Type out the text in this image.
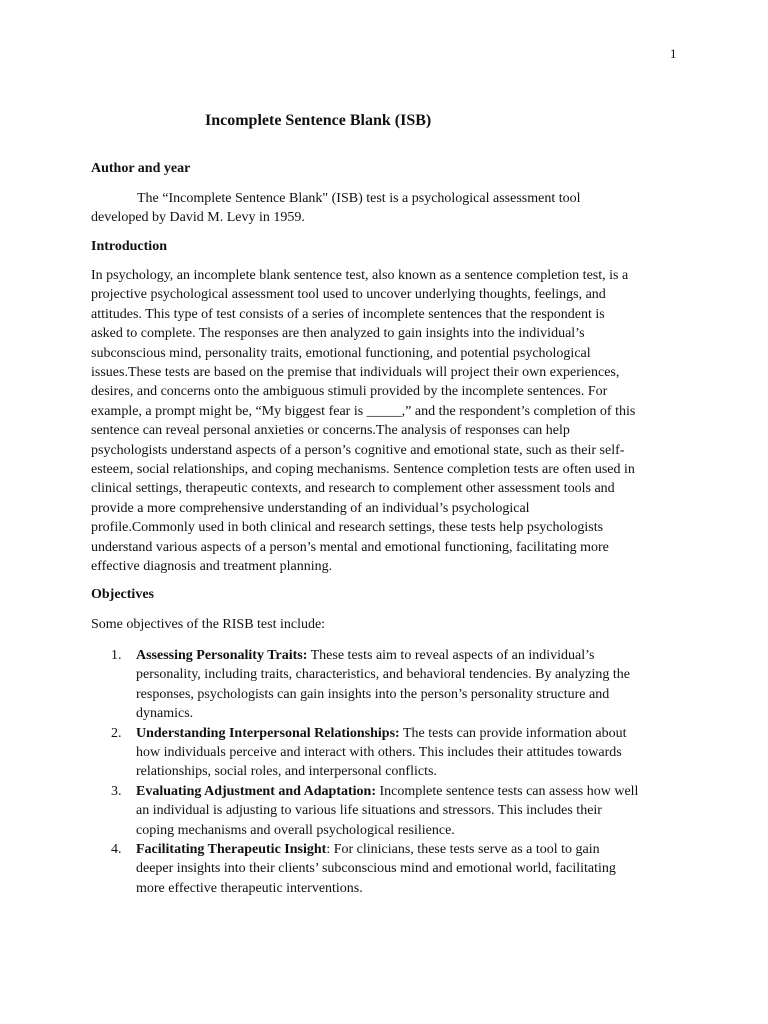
1
Incomplete Sentence Blank (ISB)
Author and year
The “Incomplete Sentence Blank" (ISB) test is a psychological assessment tool
developed by David M. Levy in 1959.
Introduction
In psychology, an incomplete blank sentence test, also known as a sentence completion test, is a
projective psychological assessment tool used to uncover underlying thoughts, feelings, and
attitudes. This type of test consists of a series of incomplete sentences that the respondent is
asked to complete. The responses are then analyzed to gain insights into the individual’s
subconscious mind, personality traits, emotional functioning, and potential psychological
issues.These tests are based on the premise that individuals will project their own experiences,
desires, and concerns onto the ambiguous stimuli provided by the incomplete sentences. For
example, a prompt might be, “My biggest fear is _____,” and the respondent’s completion of this
sentence can reveal personal anxieties or concerns.The analysis of responses can help
psychologists understand aspects of a person’s cognitive and emotional state, such as their self-
esteem, social relationships, and coping mechanisms. Sentence completion tests are often used in
clinical settings, therapeutic contexts, and research to complement other assessment tools and
provide a more comprehensive understanding of an individual’s psychological
profile.Commonly used in both clinical and research settings, these tests help psychologists
understand various aspects of a person’s mental and emotional functioning, facilitating more
effective diagnosis and treatment planning.
Objectives
Some objectives of the RISB test include:
1. Assessing Personality Traits: These tests aim to reveal aspects of an individual’s
personality, including traits, characteristics, and behavioral tendencies. By analyzing the
responses, psychologists can gain insights into the person’s personality structure and
dynamics.
2. Understanding Interpersonal Relationships: The tests can provide information about
how individuals perceive and interact with others. This includes their attitudes towards
relationships, social roles, and interpersonal conflicts.
3. Evaluating Adjustment and Adaptation: Incomplete sentence tests can assess how well
an individual is adjusting to various life situations and stressors. This includes their
coping mechanisms and overall psychological resilience.
4. Facilitating Therapeutic Insight: For clinicians, these tests serve as a tool to gain
deeper insights into their clients’ subconscious mind and emotional world, facilitating
more effective therapeutic interventions.
